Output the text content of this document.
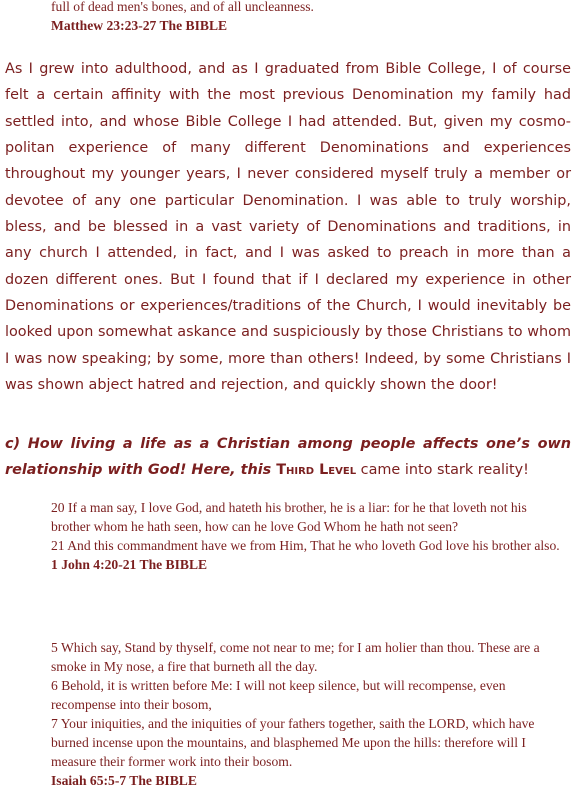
full of dead men's bones, and of all uncleanness.

Matthew 23:23-27 The BIBLE

As I grew into adulthood, and as I graduated from Bible College, I of course felt a certain affinity with the most previous Denomination my family had settled into, and whose Bible College I had attended. But, given my cosmopolitan experience of many different Denominations and experiences throughout my younger years, I never considered myself truly a member or devotee of any one particular Denomination. I was able to truly worship, bless, and be blessed in a vast variety of Denominations and traditions, in any church I attended, in fact, and I was asked to preach in more than a dozen different ones. But I found that if I declared my experience in other Denominations or experiences/traditions of the Church, I would inevitably be looked upon somewhat askance and suspiciously by those Christians to whom I was now speaking; by some, more than others! Indeed, by some Christians I was shown abject hatred and rejection, and quickly shown the door!

c) How living a life as a Christian among people affects one’s own relationship with God! Here, this Third Level came into stark reality!

20 If a man say, I love God, and hateth his brother, he is a liar: for he that loveth not his brother whom he hath seen, how can he love God Whom he hath not seen?

21 And this commandment have we from Him, That he who loveth God love his brother also.

1 John 4:20-21 The BIBLE

5 Which say, Stand by thyself, come not near to me; for I am holier than thou. These are a smoke in My nose, a fire that burneth all the day.

6 Behold, it is written before Me: I will not keep silence, but will recompense, even recompense into their bosom,

7 Your iniquities, and the iniquities of your fathers together, saith the LORD, which have burned incense upon the mountains, and blasphemed Me upon the hills: therefore will I measure their former work into their bosom.

Isaiah 65:5-7 The BIBLE
